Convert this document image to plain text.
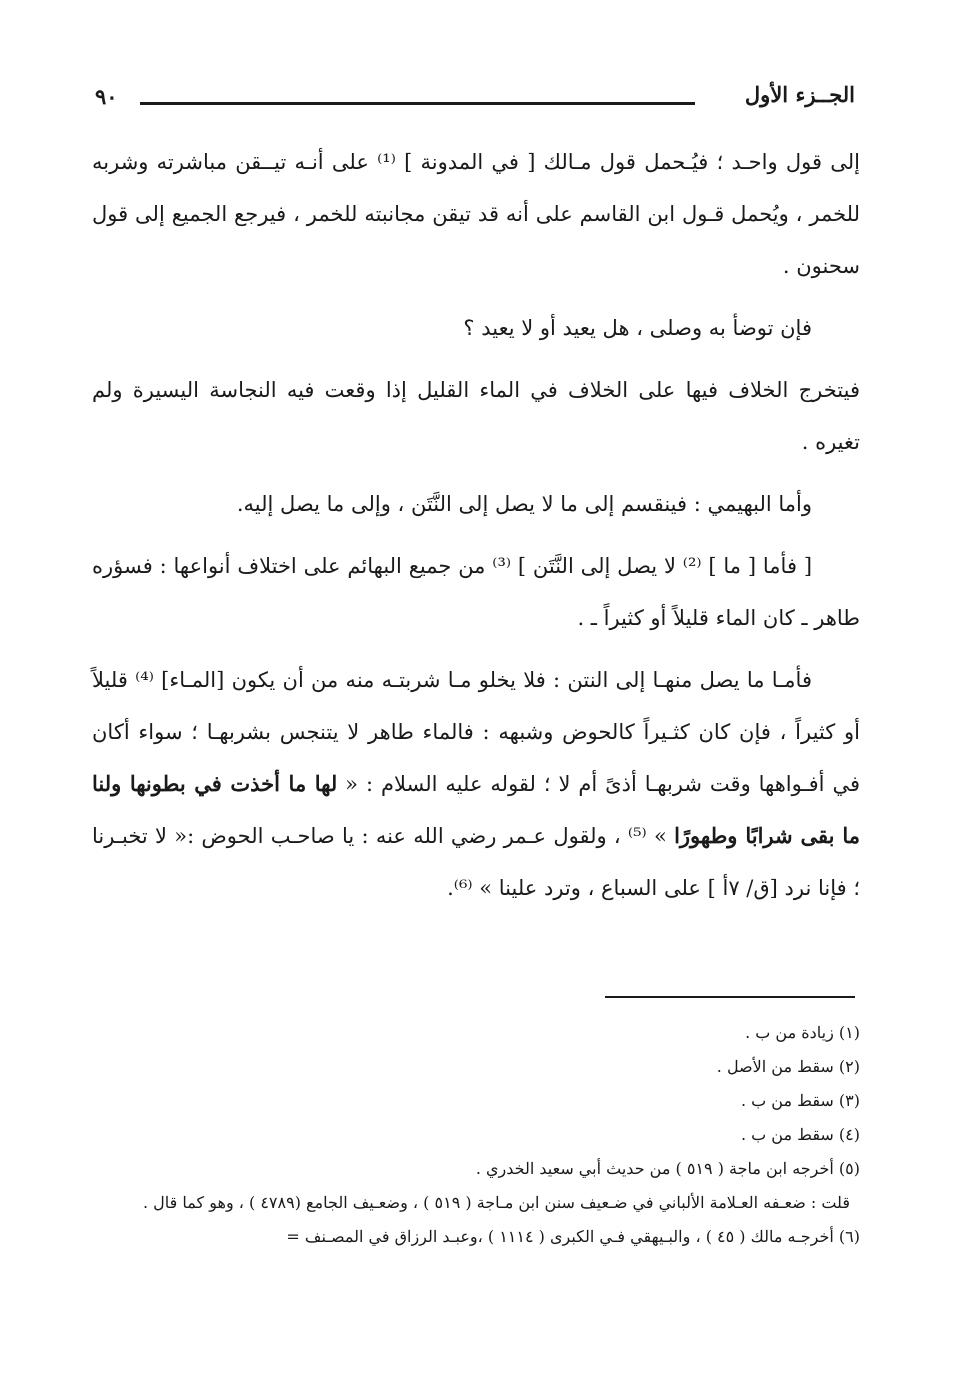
الجــزء الأول
٩٠

إلى قول واحـد ؛ فيُـحمل قول مـالك [ في المدونة ] ⁽¹⁾ على أنـه تيــقن مباشرته وشربه للخمر ، ويُحمل قـول ابن القاسم على أنه قد تيقن مجانبته للخمر ، فيرجع الجميع إلى قول سحنون .

فإن توضأ به وصلى ، هل يعيد أو لا يعيد ؟

فيتخرج الخلاف فيها على الخلاف في الماء القليل إذا وقعت فيه النجاسة اليسيرة ولم تغيره .

وأما البهيمي : فينقسم إلى ما لا يصل إلى النَّتَن ، وإلى ما يصل إليه.

[ فأما [ ما ] ⁽²⁾ لا يصل إلى النَّتَن ] ⁽³⁾ من جميع البهائم على اختلاف أنواعها : فسؤره طاهر ـ كان الماء قليلاً أو كثيراً ـ .

فأمـا ما يصل منهـا إلى النتن : فلا يخلو مـا شربتـه منه من أن يكون [المـاء] ⁽⁴⁾ قليلاً أو كثيراً ، فإن كان كثـيراً كالحوض وشبهه : فالماء طاهر لا يتنجس بشربهـا ؛ سواء أكان في أفـواهها وقت شربهـا أذىً أم لا ؛ لقوله عليه السلام : « لها ما أخذت في بطونها ولنا ما بقى شرابًا وطهورًا » ⁽⁵⁾ ، ولقول عـمر رضي الله عنه : يا صاحـب الحوض :« لا تخبـرنا ؛ فإنا نرد [ق/ ٧أ ] على السباع ، وترد علينا » ⁽⁶⁾.

(١) زيادة من ب .

(٢) سقط من الأصل .

(٣) سقط من ب .

(٤) سقط من ب .

(٥) أخرجه ابن ماجة ( ٥١٩ ) من حديث أبي سعيد الخدري .

قلت : ضعـفه العـلامة الألباني في ضـعيف سنن ابن مـاجة ( ٥١٩ ) ، وضعـيف الجامع (٤٧٨٩ ) ، وهو كما قال .

(٦) أخرجـه مالك ( ٤٥ ) ، والبـيهقي فـي الكبرى ( ١١١٤ ) ،وعبـد الرزاق في المصـنف =
